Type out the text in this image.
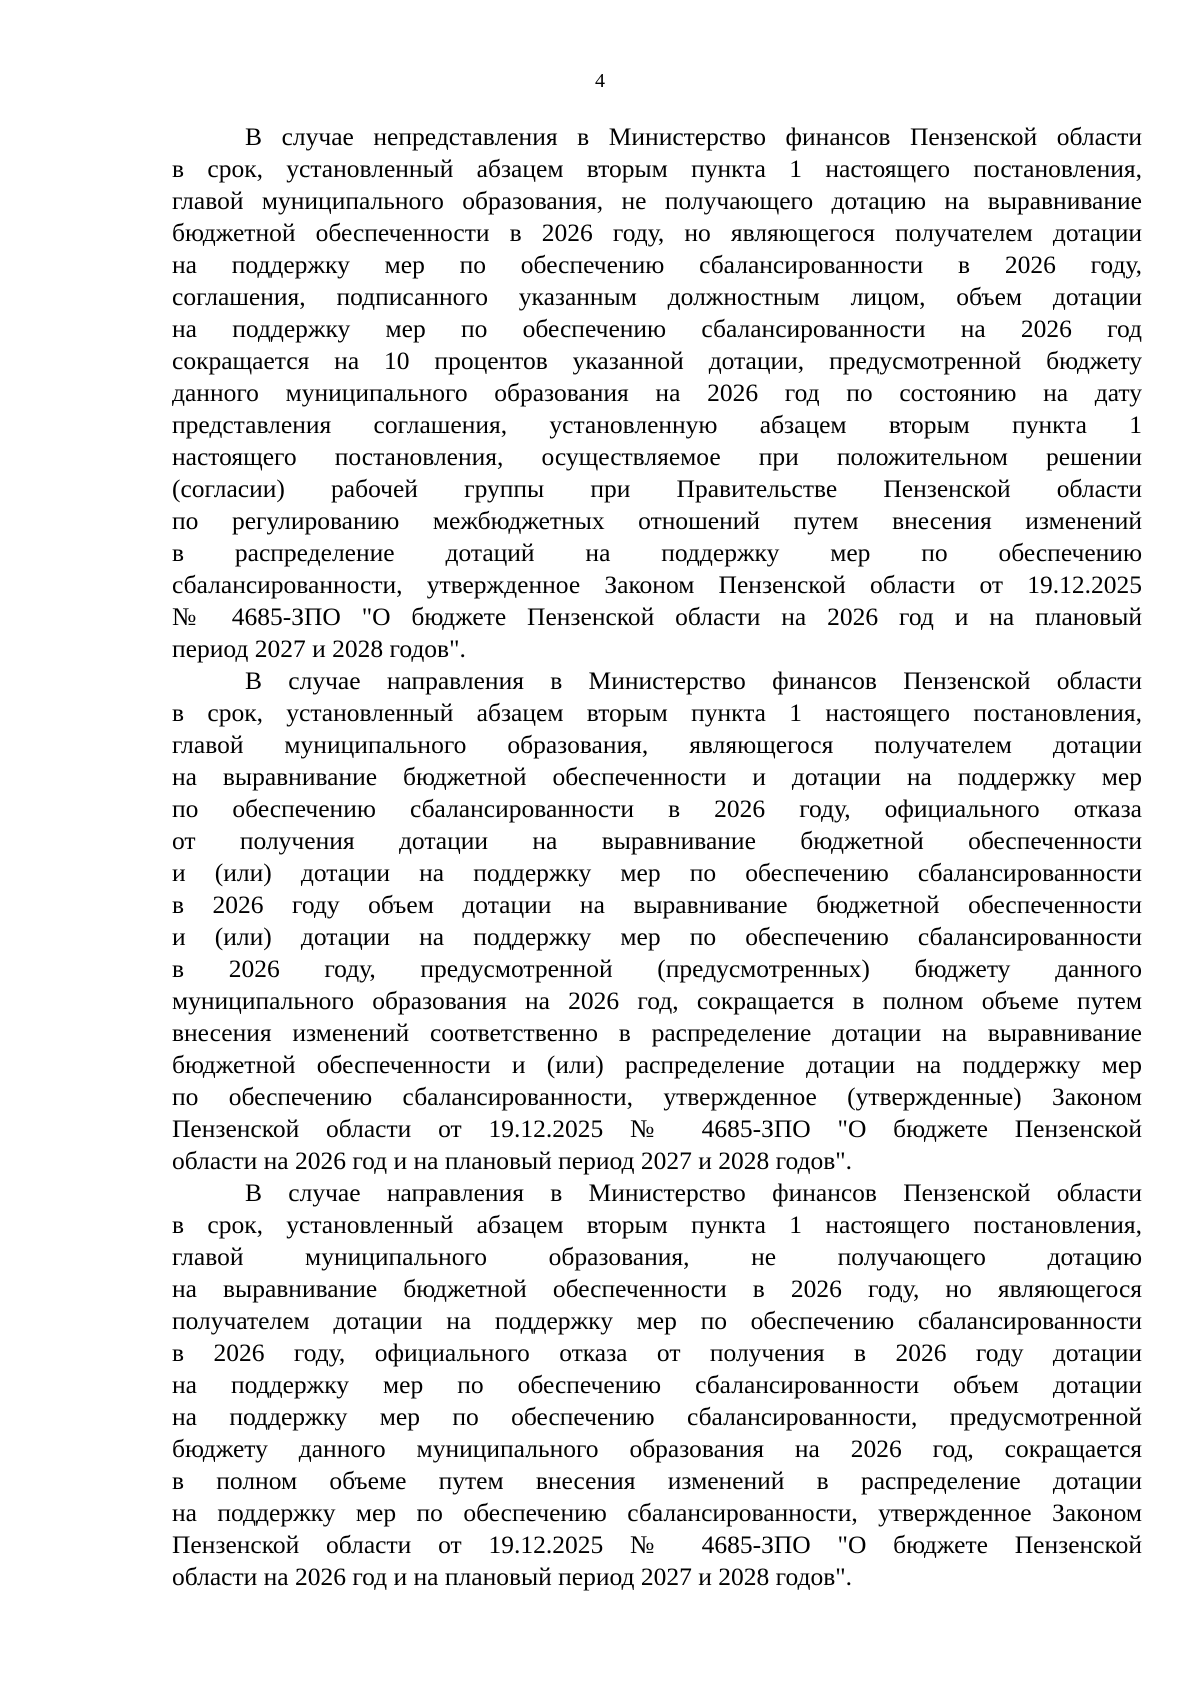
4
В случае непредставления в Министерство финансов Пензенской области
в срок, установленный абзацем вторым пункта 1 настоящего постановления,
главой муниципального образования, не получающего дотацию на выравнивание
бюджетной обеспеченности в 2026 году, но являющегося получателем дотации
на поддержку мер по обеспечению сбалансированности в 2026 году,
соглашения, подписанного указанным должностным лицом, объем дотации
на поддержку мер по обеспечению сбалансированности на 2026 год
сокращается на 10 процентов указанной дотации, предусмотренной бюджету
данного муниципального образования на 2026 год по состоянию на дату
представления соглашения, установленную абзацем вторым пункта 1
настоящего постановления, осуществляемое при положительном решении
(согласии) рабочей группы при Правительстве Пензенской области
по регулированию межбюджетных отношений путем внесения изменений
в распределение дотаций на поддержку мер по обеспечению
сбалансированности, утвержденное Законом Пензенской области от 19.12.2025
№ 4685-ЗПО "О бюджете Пензенской области на 2026 год и на плановый
период 2027 и 2028 годов".
В случае направления в Министерство финансов Пензенской области
в срок, установленный абзацем вторым пункта 1 настоящего постановления,
главой муниципального образования, являющегося получателем дотации
на выравнивание бюджетной обеспеченности и дотации на поддержку мер
по обеспечению сбалансированности в 2026 году, официального отказа
от получения дотации на выравнивание бюджетной обеспеченности
и (или) дотации на поддержку мер по обеспечению сбалансированности
в 2026 году объем дотации на выравнивание бюджетной обеспеченности
и (или) дотации на поддержку мер по обеспечению сбалансированности
в 2026 году, предусмотренной (предусмотренных) бюджету данного
муниципального образования на 2026 год, сокращается в полном объеме путем
внесения изменений соответственно в распределение дотации на выравнивание
бюджетной обеспеченности и (или) распределение дотации на поддержку мер
по обеспечению сбалансированности, утвержденное (утвержденные) Законом
Пензенской области от 19.12.2025 № 4685-ЗПО "О бюджете Пензенской
области на 2026 год и на плановый период 2027 и 2028 годов".
В случае направления в Министерство финансов Пензенской области
в срок, установленный абзацем вторым пункта 1 настоящего постановления,
главой муниципального образования, не получающего дотацию
на выравнивание бюджетной обеспеченности в 2026 году, но являющегося
получателем дотации на поддержку мер по обеспечению сбалансированности
в 2026 году, официального отказа от получения в 2026 году дотации
на поддержку мер по обеспечению сбалансированности объем дотации
на поддержку мер по обеспечению сбалансированности, предусмотренной
бюджету данного муниципального образования на 2026 год, сокращается
в полном объеме путем внесения изменений в распределение дотации
на поддержку мер по обеспечению сбалансированности, утвержденное Законом
Пензенской области от 19.12.2025 № 4685-ЗПО "О бюджете Пензенской
области на 2026 год и на плановый период 2027 и 2028 годов".
